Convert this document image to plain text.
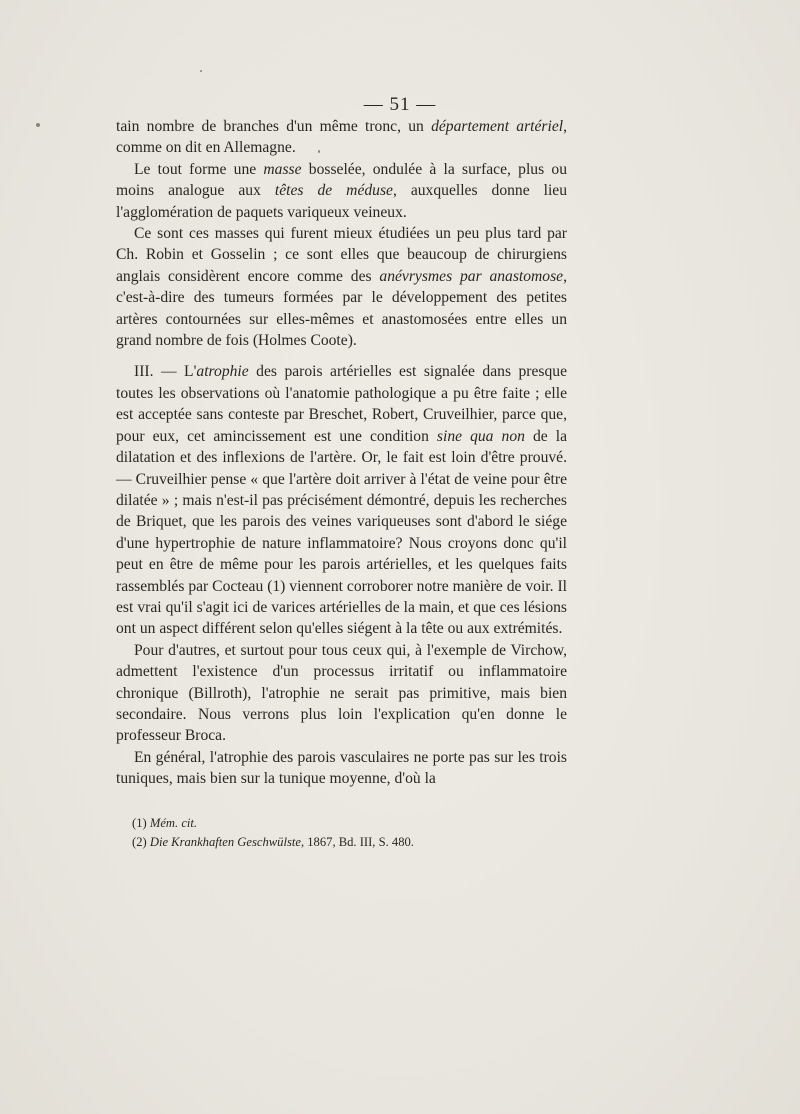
— 51 —

tain nombre de branches d'un même tronc, un département artériel, comme on dit en Allemagne.

Le tout forme une masse bosselée, ondulée à la surface, plus ou moins analogue aux têtes de méduse, auxquelles donne lieu l'agglomération de paquets variqueux veineux.

Ce sont ces masses qui furent mieux étudiées un peu plus tard par Ch. Robin et Gosselin ; ce sont elles que beaucoup de chirurgiens anglais considèrent encore comme des anévrysmes par anastomose, c'est-à-dire des tumeurs formées par le développement des petites artères contournées sur elles-mêmes et anastomosées entre elles un grand nombre de fois (Holmes Coote).

III. — L'atrophie des parois artérielles est signalée dans presque toutes les observations où l'anatomie pathologique a pu être faite ; elle est acceptée sans conteste par Breschet, Robert, Cruveilhier, parce que, pour eux, cet amincissement est une condition sine qua non de la dilatation et des inflexions de l'artère. Or, le fait est loin d'être prouvé. — Cruveilhier pense « que l'artère doit arriver à l'état de veine pour être dilatée » ; mais n'est-il pas précisément démontré, depuis les recherches de Briquet, que les parois des veines variqueuses sont d'abord le siége d'une hypertrophie de nature inflammatoire? Nous croyons donc qu'il peut en être de même pour les parois artérielles, et les quelques faits rassemblés par Cocteau (1) viennent corroborer notre manière de voir. Il est vrai qu'il s'agit ici de varices artérielles de la main, et que ces lésions ont un aspect différent selon qu'elles siégent à la tête ou aux extrémités.

Pour d'autres, et surtout pour tous ceux qui, à l'exemple de Virchow, admettent l'existence d'un processus irritatif ou inflammatoire chronique (Billroth), l'atrophie ne serait pas primitive, mais bien secondaire. Nous verrons plus loin l'explication qu'en donne le professeur Broca.

En général, l'atrophie des parois vasculaires ne porte pas sur les trois tuniques, mais bien sur la tunique moyenne, d'où la

(1) Mém. cit.
(2) Die Krankhaften Geschwülste, 1867, Bd. III, S. 480.
